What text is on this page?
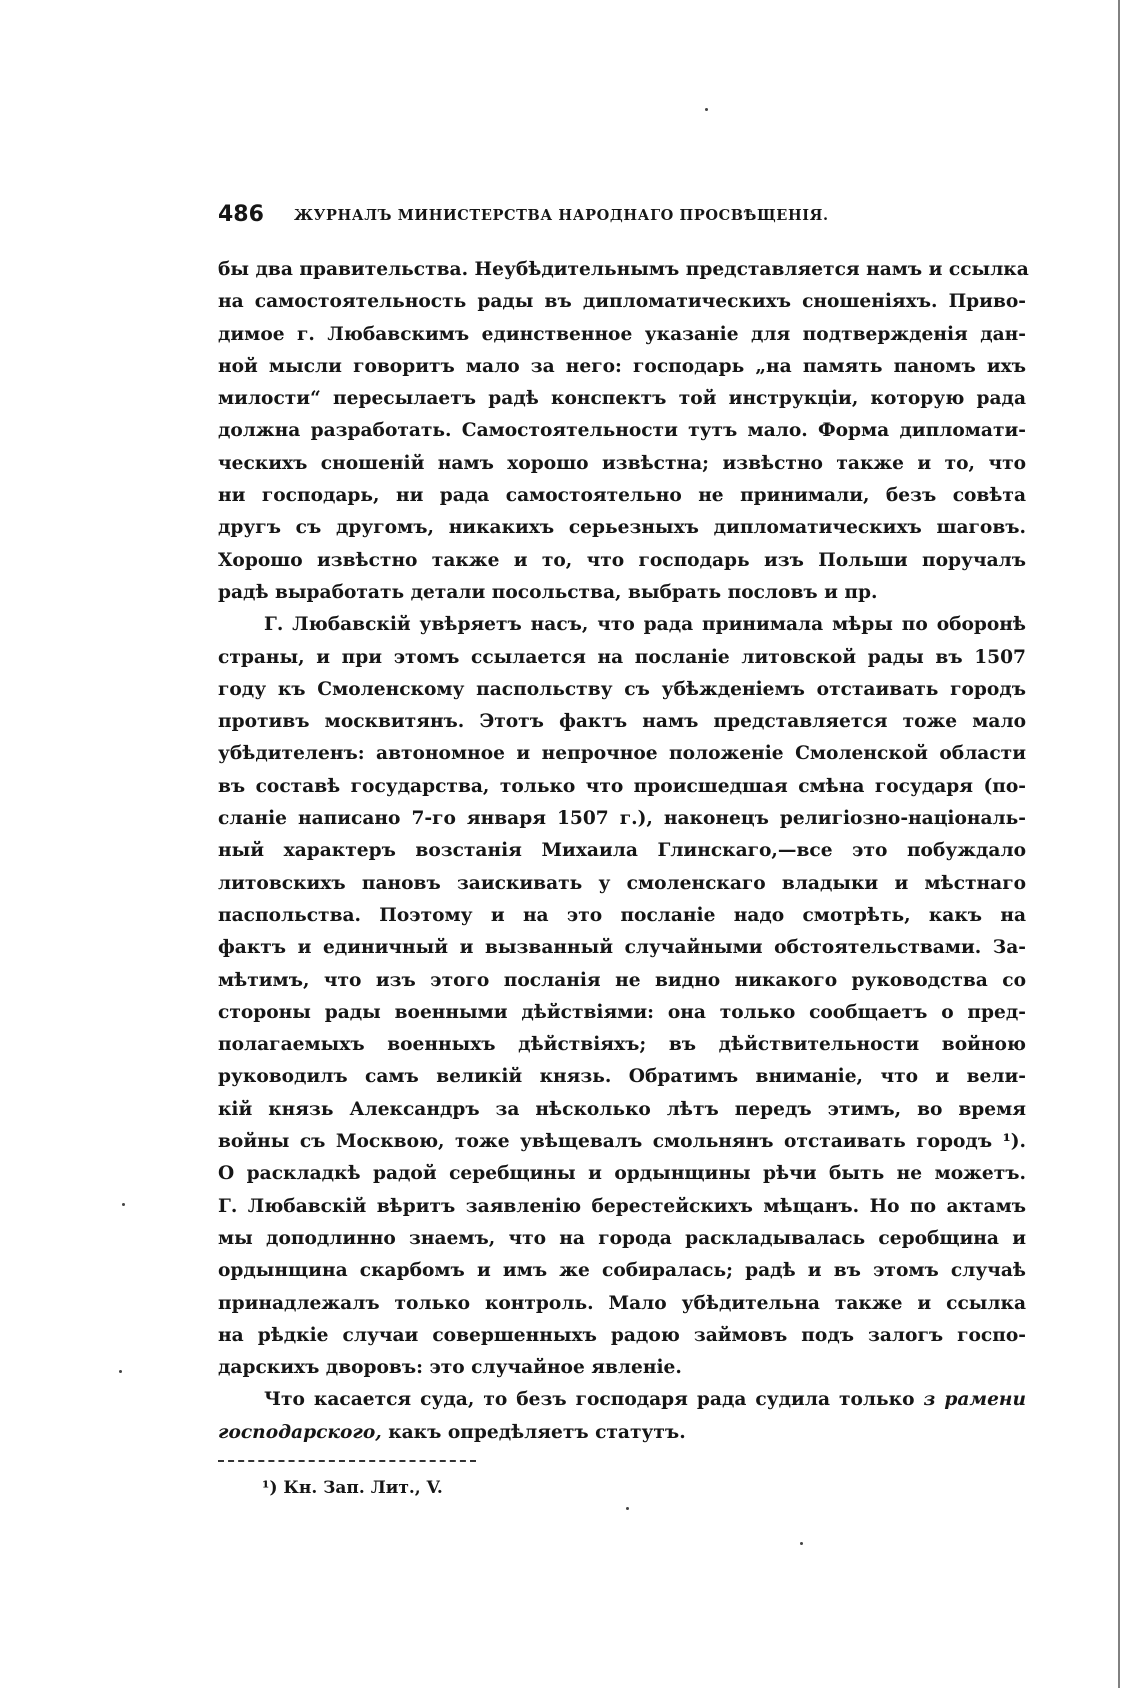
486 ЖУРНАЛЪ МИНИСТЕРСТВА НАРОДНАГО ПРОСВѢЩЕНІЯ.
бы два правительства. Неубѣдительнымъ представляется намъ и ссылка
на самостоятельность рады въ дипломатическихъ сношеніяхъ. Приво-
димое г. Любавскимъ единственное указаніе для подтвержденія дан-
ной мысли говоритъ мало за него: господарь „на память паномъ ихъ
милости“ пересылаетъ радѣ конспектъ той инструкціи, которую рада
должна разработать. Самостоятельности тутъ мало. Форма дипломати-
ческихъ сношеній намъ хорошо извѣстна; извѣстно также и то, что
ни господарь, ни рада самостоятельно не принимали, безъ совѣта
другъ съ другомъ, никакихъ серьезныхъ дипломатическихъ шаговъ.
Хорошо извѣстно также и то, что господарь изъ Польши поручалъ
радѣ выработать детали посольства, выбрать пословъ и пр.
Г. Любавскій увѣряетъ насъ, что рада принимала мѣры по оборонѣ
страны, и при этомъ ссылается на посланіе литовской рады въ 1507
году къ Смоленскому паспольству съ убѣжденіемъ отстаивать городъ
противъ москвитянъ. Этотъ фактъ намъ представляется тоже мало
убѣдителенъ: автономное и непрочное положеніе Смоленской области
въ составѣ государства, только что происшедшая смѣна государя (по-
сланіе написано 7-го января 1507 г.), наконецъ религіозно-національ-
ный характеръ возстанія Михаила Глинскаго,—все это побуждало
литовскихъ пановъ заискивать у смоленскаго владыки и мѣстнаго
паспольства. Поэтому и на это посланіе надо смотрѣть, какъ на
фактъ и единичный и вызванный случайными обстоятельствами. За-
мѣтимъ, что изъ этого посланія не видно никакого руководства со
стороны рады военными дѣйствіями: она только сообщаетъ о пред-
полагаемыхъ военныхъ дѣйствіяхъ; въ дѣйствительности войною
руководилъ самъ великій князь. Обратимъ вниманіе, что и вели-
кій князь Александръ за нѣсколько лѣтъ передъ этимъ, во время
войны съ Москвою, тоже увѣщевалъ смольнянъ отстаивать городъ ¹).
О раскладкѣ радой серебщины и ордынщины рѣчи быть не можетъ.
Г. Любавскій вѣритъ заявленію берестейскихъ мѣщанъ. Но по актамъ
мы доподлинно знаемъ, что на города раскладывалась серобщина и
ордынщина скарбомъ и имъ же собиралась; радѣ и въ этомъ случаѣ
принадлежалъ только контроль. Мало убѣдительна также и ссылка
на рѣдкіе случаи совершенныхъ радою займовъ подъ залогъ госпо-
дарскихъ дворовъ: это случайное явленіе.
Что касается суда, то безъ господаря рада судила только з рамени
господарского, какъ опредѣляетъ статутъ.
¹) Кн. Зап. Лит., V.
